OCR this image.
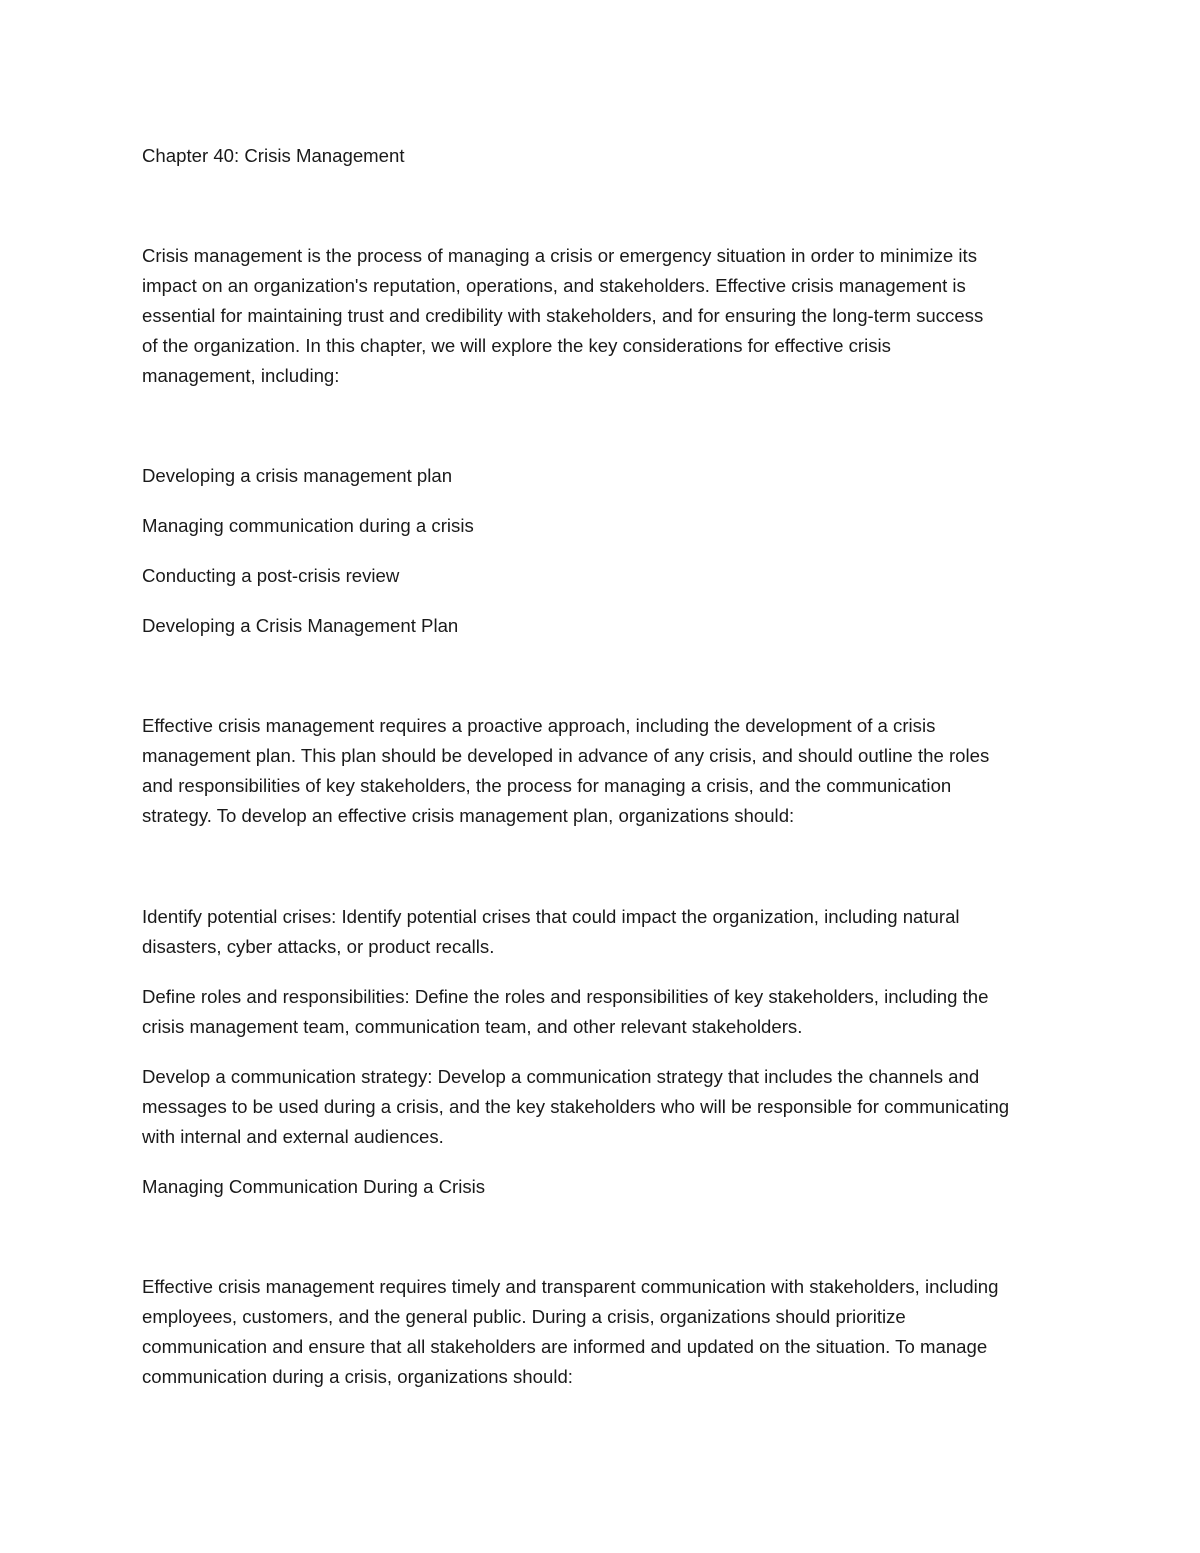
Chapter 40: Crisis Management

Crisis management is the process of managing a crisis or emergency situation in order to minimize its

impact on an organization's reputation, operations, and stakeholders. Effective crisis management is

essential for maintaining trust and credibility with stakeholders, and for ensuring the long-term success

of the organization. In this chapter, we will explore the key considerations for effective crisis

management, including:

Developing a crisis management plan

Managing communication during a crisis

Conducting a post-crisis review

Developing a Crisis Management Plan

Effective crisis management requires a proactive approach, including the development of a crisis

management plan. This plan should be developed in advance of any crisis, and should outline the roles

and responsibilities of key stakeholders, the process for managing a crisis, and the communication

strategy. To develop an effective crisis management plan, organizations should:

Identify potential crises: Identify potential crises that could impact the organization, including natural

disasters, cyber attacks, or product recalls.

Define roles and responsibilities: Define the roles and responsibilities of key stakeholders, including the

crisis management team, communication team, and other relevant stakeholders.

Develop a communication strategy: Develop a communication strategy that includes the channels and

messages to be used during a crisis, and the key stakeholders who will be responsible for communicating

with internal and external audiences.

Managing Communication During a Crisis

Effective crisis management requires timely and transparent communication with stakeholders, including

employees, customers, and the general public. During a crisis, organizations should prioritize

communication and ensure that all stakeholders are informed and updated on the situation. To manage

communication during a crisis, organizations should:
